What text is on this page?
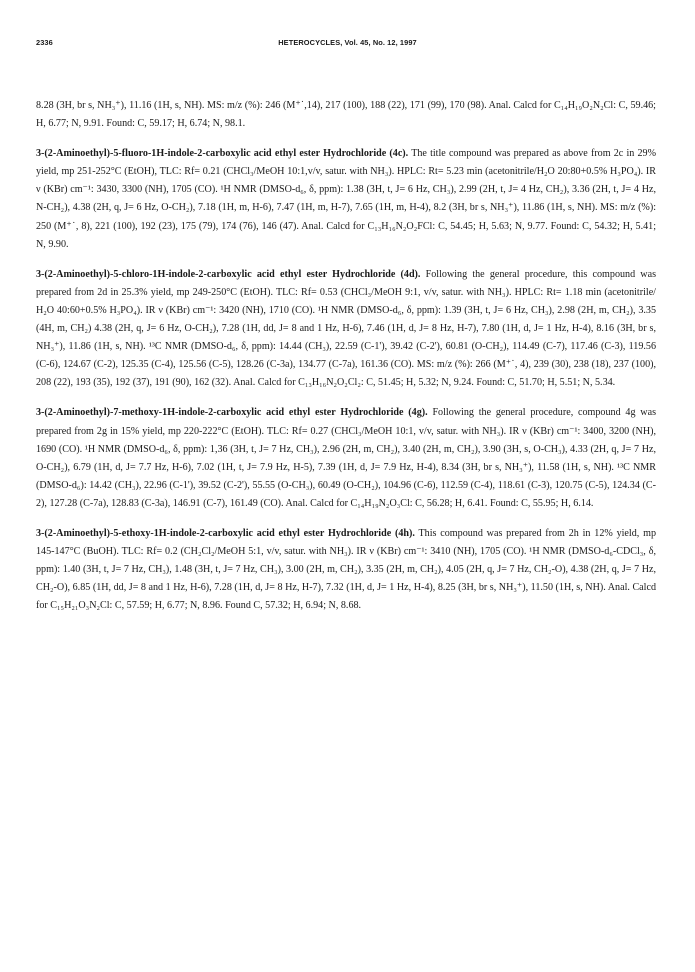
2336	HETEROCYCLES, Vol. 45, No. 12, 1997

8.28 (3H, br s, NH₃⁺), 11.16 (1H, s, NH). MS: m/z (%): 246 (M⁺˙,14), 217 (100), 188 (22), 171 (99), 170 (98). Anal. Calcd for C₁₄H₁₉O₂N₂Cl: C, 59.46; H, 6.77; N, 9.91. Found: C, 59.17; H, 6.74; N, 98.1.

3-(2-Aminoethyl)-5-fluoro-1H-indole-2-carboxylic acid ethyl ester Hydrochloride (4c). The title compound was prepared as above from 2c in 29% yield, mp 251-252°C (EtOH), TLC: Rf= 0.21 (CHCl₃/MeOH 10:1,v/v, satur. with NH₃). HPLC: Rt= 5.23 min (acetonitrile/H₂O 20:80+0.5% H₃PO₄). IR ν (KBr) cm⁻¹: 3430, 3300 (NH), 1705 (CO). ¹H NMR (DMSO-d₆, δ, ppm): 1.38 (3H, t, J= 6 Hz, CH₃), 2.99 (2H, t, J= 4 Hz, CH₂), 3.36 (2H, t, J= 4 Hz, N-CH₂), 4.38 (2H, q, J= 6 Hz, O-CH₂), 7.18 (1H, m, H-6), 7.47 (1H, m, H-7), 7.65 (1H, m, H-4), 8.2 (3H, br s, NH₃⁺), 11.86 (1H, s, NH). MS: m/z (%): 250 (M⁺˙, 8), 221 (100), 192 (23), 175 (79), 174 (76), 146 (47). Anal. Calcd for C₁₃H₁₆N₂O₂FCl: C, 54.45; H, 5.63; N, 9.77. Found: C, 54.32; H, 5.41; N, 9.90.

3-(2-Aminoethyl)-5-chloro-1H-indole-2-carboxylic acid ethyl ester Hydrochloride (4d). Following the general procedure, this compound was prepared from 2d in 25.3% yield, mp 249-250°C (EtOH). TLC: Rf= 0.53 (CHCl₃/MeOH 9:1, v/v, satur. with NH₃). HPLC: Rt= 1.18 min (acetonitrile/ H₂O 40:60+0.5% H₃PO₄). IR ν (KBr) cm⁻¹: 3420 (NH), 1710 (CO). ¹H NMR (DMSO-d₆, δ, ppm): 1.39 (3H, t, J= 6 Hz, CH₃), 2.98 (2H, m, CH₂), 3.35 (4H, m, CH₂) 4.38 (2H, q, J= 6 Hz, O-CH₂), 7.28 (1H, dd, J= 8 and 1 Hz, H-6), 7.46 (1H, d, J= 8 Hz, H-7), 7.80 (1H, d, J= 1 Hz, H-4), 8.16 (3H, br s, NH₃⁺), 11.86 (1H, s, NH). ¹³C NMR (DMSO-d₆, δ, ppm): 14.44 (CH₃), 22.59 (C-1'), 39.42 (C-2'), 60.81 (O-CH₂), 114.49 (C-7), 117.46 (C-3), 119.56 (C-6), 124.67 (C-2), 125.35 (C-4), 125.56 (C-5), 128.26 (C-3a), 134.77 (C-7a), 161.36 (CO). MS: m/z (%): 266 (M⁺˙, 4), 239 (30), 238 (18), 237 (100), 208 (22), 193 (35), 192 (37), 191 (90), 162 (32). Anal. Calcd for C₁₃H₁₆N₂O₂Cl₂: C, 51.45; H, 5.32; N, 9.24. Found: C, 51.70; H, 5.51; N, 5.34.

3-(2-Aminoethyl)-7-methoxy-1H-indole-2-carboxylic acid ethyl ester Hydrochloride (4g). Following the general procedure, compound 4g was prepared from 2g in 15% yield, mp 220-222°C (EtOH). TLC: Rf= 0.27 (CHCl₃/MeOH 10:1, v/v, satur. with NH₃). IR ν (KBr) cm⁻¹: 3400, 3200 (NH), 1690 (CO). ¹H NMR (DMSO-d₆, δ, ppm): 1,36 (3H, t, J= 7 Hz, CH₃), 2.96 (2H, m, CH₂), 3.40 (2H, m, CH₂), 3.90 (3H, s, O-CH₃), 4.33 (2H, q, J= 7 Hz, O-CH₂), 6.79 (1H, d, J= 7.7 Hz, H-6), 7.02 (1H, t, J= 7.9 Hz, H-5), 7.39 (1H, d, J= 7.9 Hz, H-4), 8.34 (3H, br s, NH₃⁺), 11.58 (1H, s, NH). ¹³C NMR (DMSO-d₆): 14.42 (CH₃), 22.96 (C-1'), 39.52 (C-2'), 55.55 (O-CH₃), 60.49 (O-CH₂), 104.96 (C-6), 112.59 (C-4), 118.61 (C-3), 120.75 (C-5), 124.34 (C-2), 127.28 (C-7a), 128.83 (C-3a), 146.91 (C-7), 161.49 (CO). Anal. Calcd for C₁₄H₁₉N₂O₃Cl: C, 56.28; H, 6.41. Found: C, 55.95; H, 6.14.

3-(2-Aminoethyl)-5-ethoxy-1H-indole-2-carboxylic acid ethyl ester Hydrochloride (4h). This compound was prepared from 2h in 12% yield, mp 145-147°C (BuOH). TLC: Rf= 0.2 (CH₂Cl₂/MeOH 5:1, v/v, satur. with NH₃). IR ν (KBr) cm⁻¹: 3410 (NH), 1705 (CO). ¹H NMR (DMSO-d₆-CDCl₃, δ, ppm): 1.40 (3H, t, J= 7 Hz, CH₃), 1.48 (3H, t, J= 7 Hz, CH₃), 3.00 (2H, m, CH₂), 3.35 (2H, m, CH₂), 4.05 (2H, q, J= 7 Hz, CH₂-O), 4.38 (2H, q, J= 7 Hz, CH₂-O), 6.85 (1H, dd, J= 8 and 1 Hz, H-6), 7.28 (1H, d, J= 8 Hz, H-7), 7.32 (1H, d, J= 1 Hz, H-4), 8.25 (3H, br s, NH₃⁺), 11.50 (1H, s, NH). Anal. Calcd for C₁₅H₂₁O₃N₂Cl: C, 57.59; H, 6.77; N, 8.96. Found C, 57.32; H, 6.94; N, 8.68.
